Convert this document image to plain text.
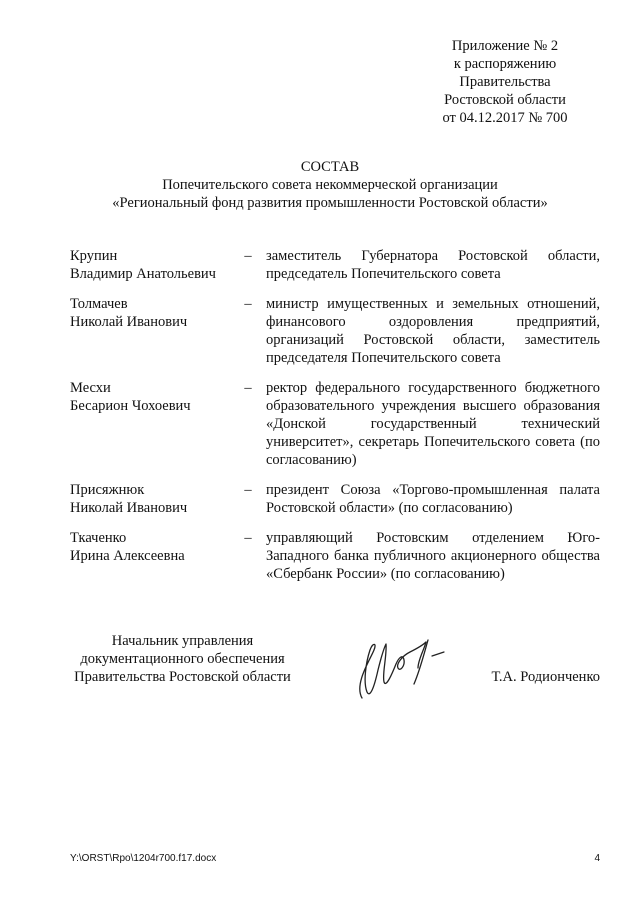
Приложение № 2
к распоряжению
Правительства
Ростовской области
от 04.12.2017 № 700
СОСТАВ
Попечительского совета некоммерческой организации
«Региональный фонд развития промышленности Ростовской области»
Крупин
Владимир Анатольевич
– заместитель Губернатора Ростовской области, председатель Попечительского совета
Толмачев
Николай Иванович
– министр имущественных и земельных отношений, финансового оздоровления предприятий, организаций Ростовской области, заместитель председателя Попечительского совета
Месхи
Бесарион Чохоевич
– ректор федерального государственного бюджетного образовательного учреждения высшего образования «Донской государственный технический университет», секретарь Попечительского совета (по согласованию)
Присяжнюк
Николай Иванович
– президент Союза «Торгово-промышленная палата Ростовской области» (по согласованию)
Ткаченко
Ирина Алексеевна
– управляющий Ростовским отделением Юго-Западного банка публичного акционерного общества «Сбербанк России» (по согласованию)
Начальник управления
документационного обеспечения
Правительства Ростовской области	Т.А. Родионченко
Y:\ORST\Rpo\1204r700.f17.docx	4
